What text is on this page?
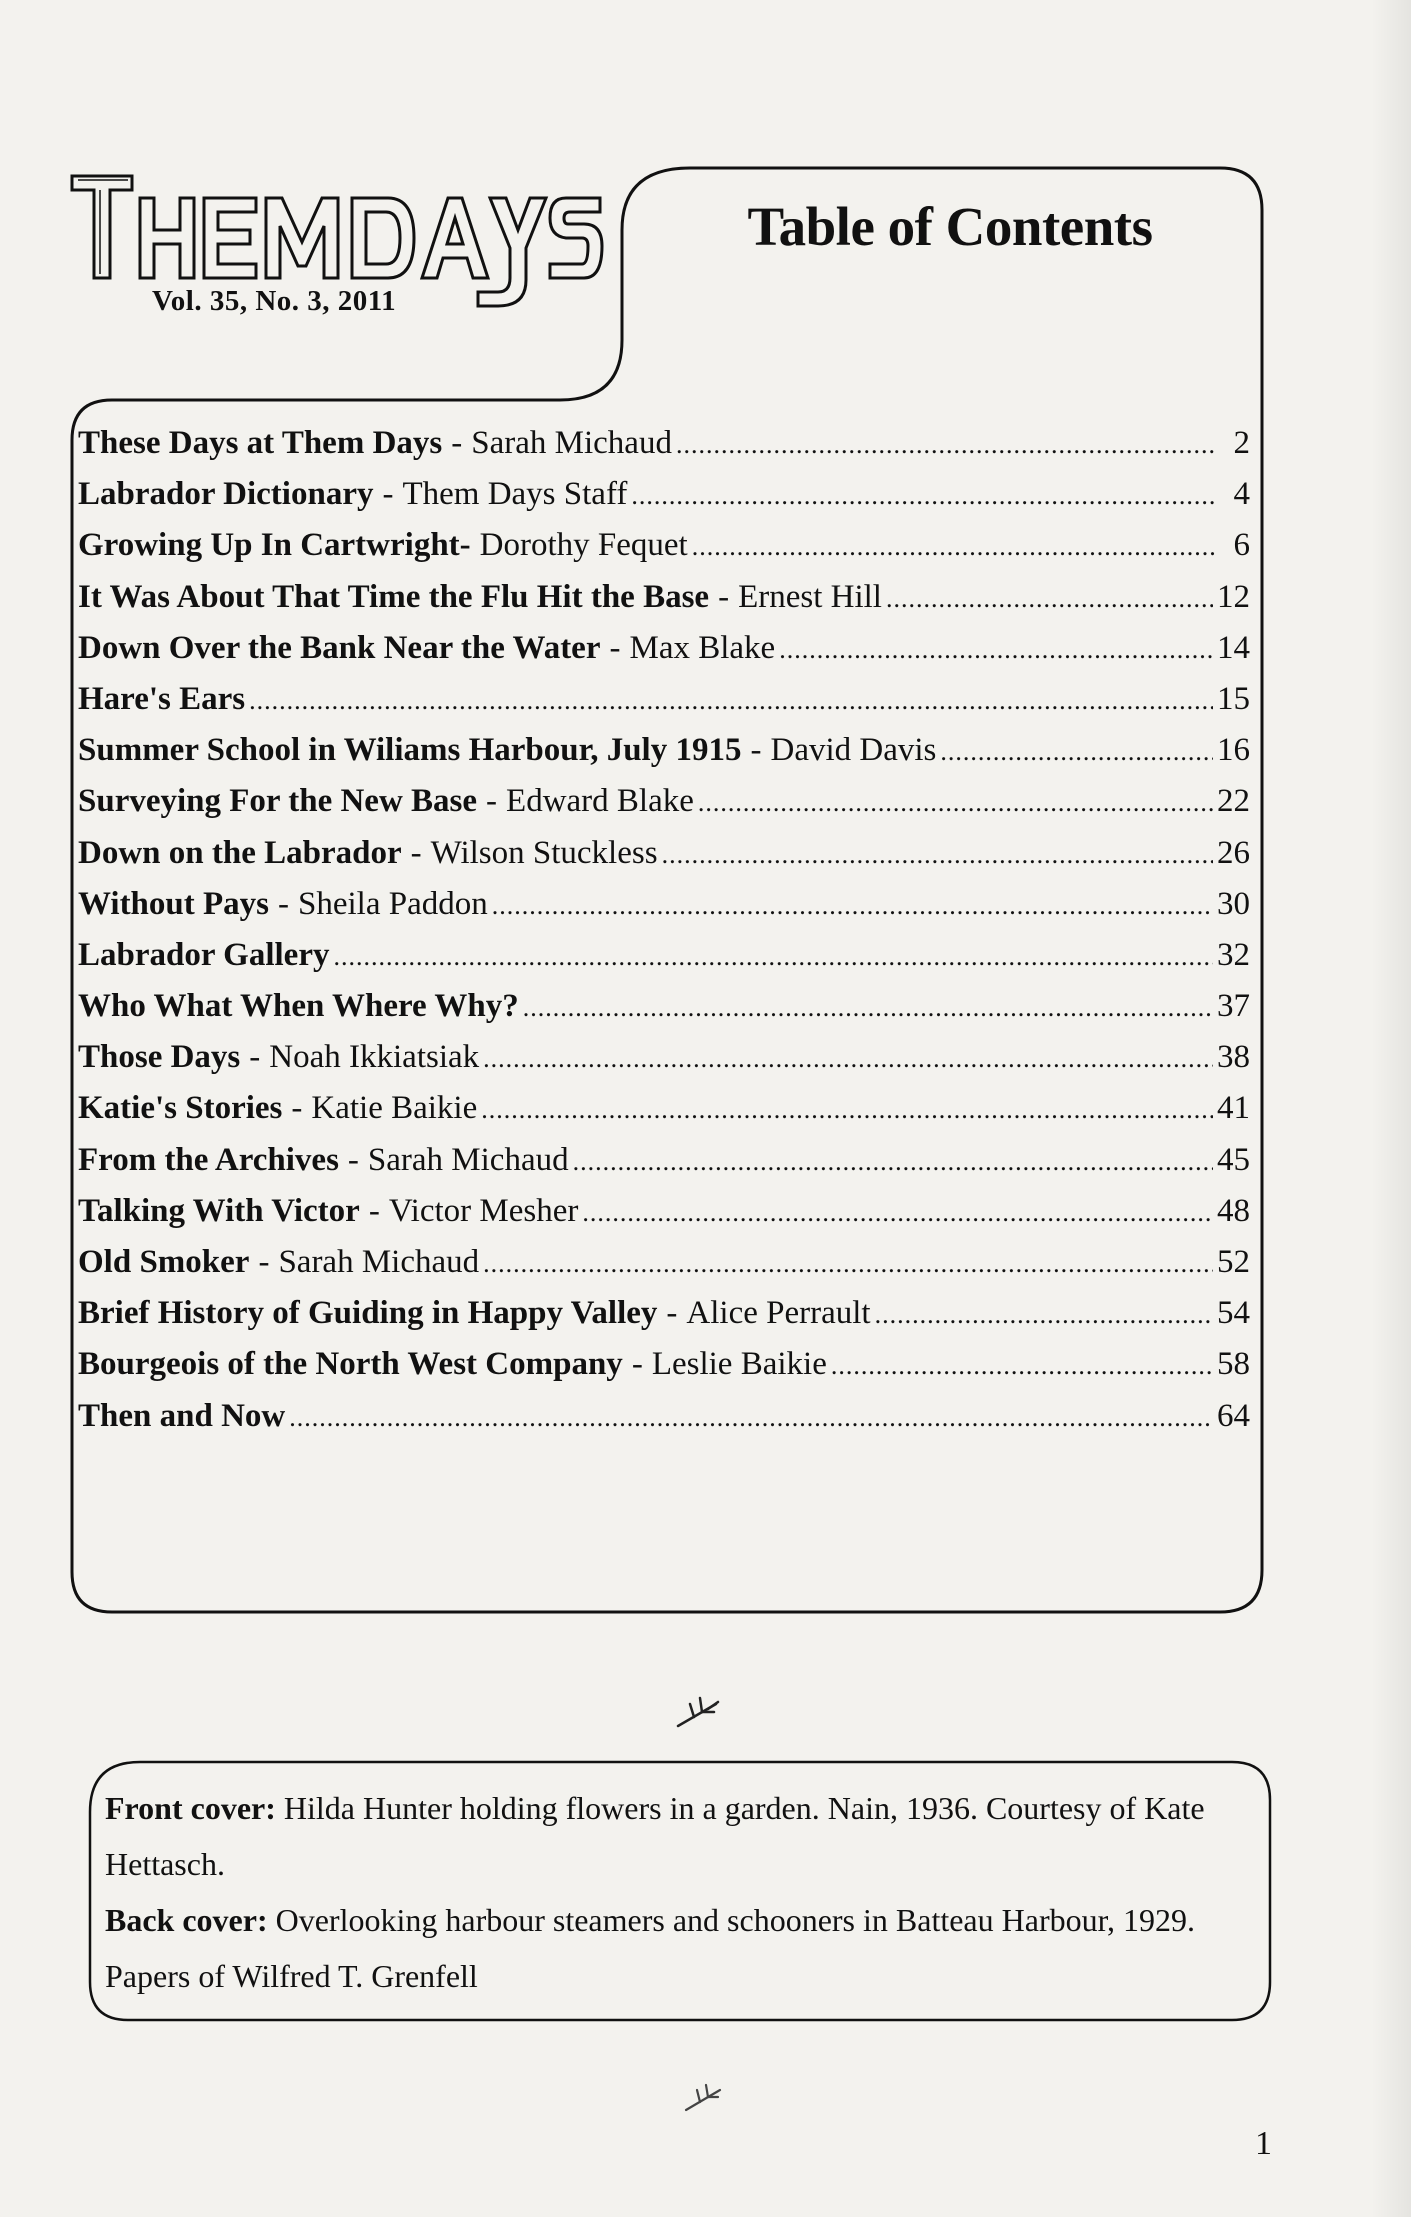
Vol. 35, No. 3, 2011
Table of Contents
These Days at Them Days - Sarah Michaud .....	2
Labrador Dictionary - Them Days Staff .....	4
Growing Up In Cartwright- Dorothy Fequet .....	6
It Was About That Time the Flu Hit the Base - Ernest Hill .....	12
Down Over the Bank Near the Water - Max Blake .....	14
Hare's Ears .....	15
Summer School in Wiliams Harbour, July 1915 - David Davis .....	16
Surveying For the New Base - Edward Blake .....	22
Down on the Labrador - Wilson Stuckless .....	26
Without Pays - Sheila Paddon .....	30
Labrador Gallery .....	32
Who What When Where Why? .....	37
Those Days - Noah Ikkiatsiak .....	38
Katie's Stories - Katie Baikie .....	41
From the Archives - Sarah Michaud .....	45
Talking With Victor - Victor Mesher .....	48
Old Smoker - Sarah Michaud .....	52
Brief History of Guiding in Happy Valley - Alice Perrault .....	54
Bourgeois of the North West Company - Leslie Baikie .....	58
Then and Now .....	64
Front cover: Hilda Hunter holding flowers in a garden. Nain, 1936. Courtesy of Kate Hettasch.
Back cover: Overlooking harbour steamers and schooners in Batteau Harbour, 1929. Papers of Wilfred T. Grenfell
1
